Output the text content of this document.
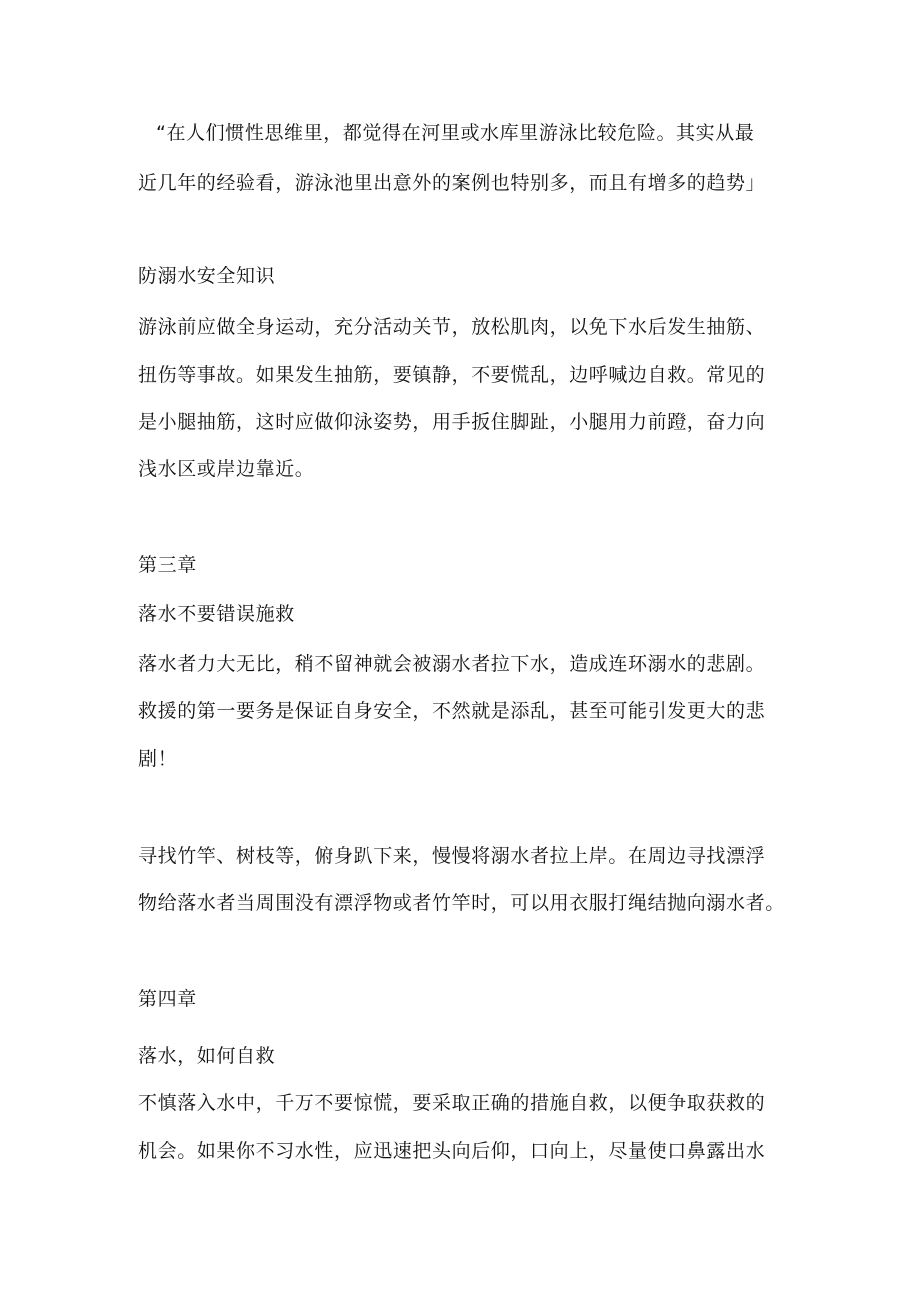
“在人们惯性思维里，都觉得在河里或水库里游泳比较危险。其实从最
近几年的经验看，游泳池里出意外的案例也特别多，而且有增多的趋势」
防溺水安全知识
游泳前应做全身运动，充分活动关节，放松肌肉，以免下水后发生抽筋、
扭伤等事故。如果发生抽筋，要镇静，不要慌乱，边呼喊边自救。常见的
是小腿抽筋，这时应做仰泳姿势，用手扳住脚趾，小腿用力前蹬，奋力向
浅水区或岸边靠近。
第三章
落水不要错误施救
落水者力大无比，稍不留神就会被溺水者拉下水，造成连环溺水的悲剧。
救援的第一要务是保证自身安全，不然就是添乱，甚至可能引发更大的悲
剧！
寻找竹竿、树枝等，俯身趴下来，慢慢将溺水者拉上岸。在周边寻找漂浮
物给落水者当周围没有漂浮物或者竹竿时，可以用衣服打绳结抛向溺水者。
第四章
落水，如何自救
不慎落入水中，千万不要惊慌，要采取正确的措施自救，以便争取获救的
机会。如果你不习水性，应迅速把头向后仰，口向上，尽量使口鼻露出水
